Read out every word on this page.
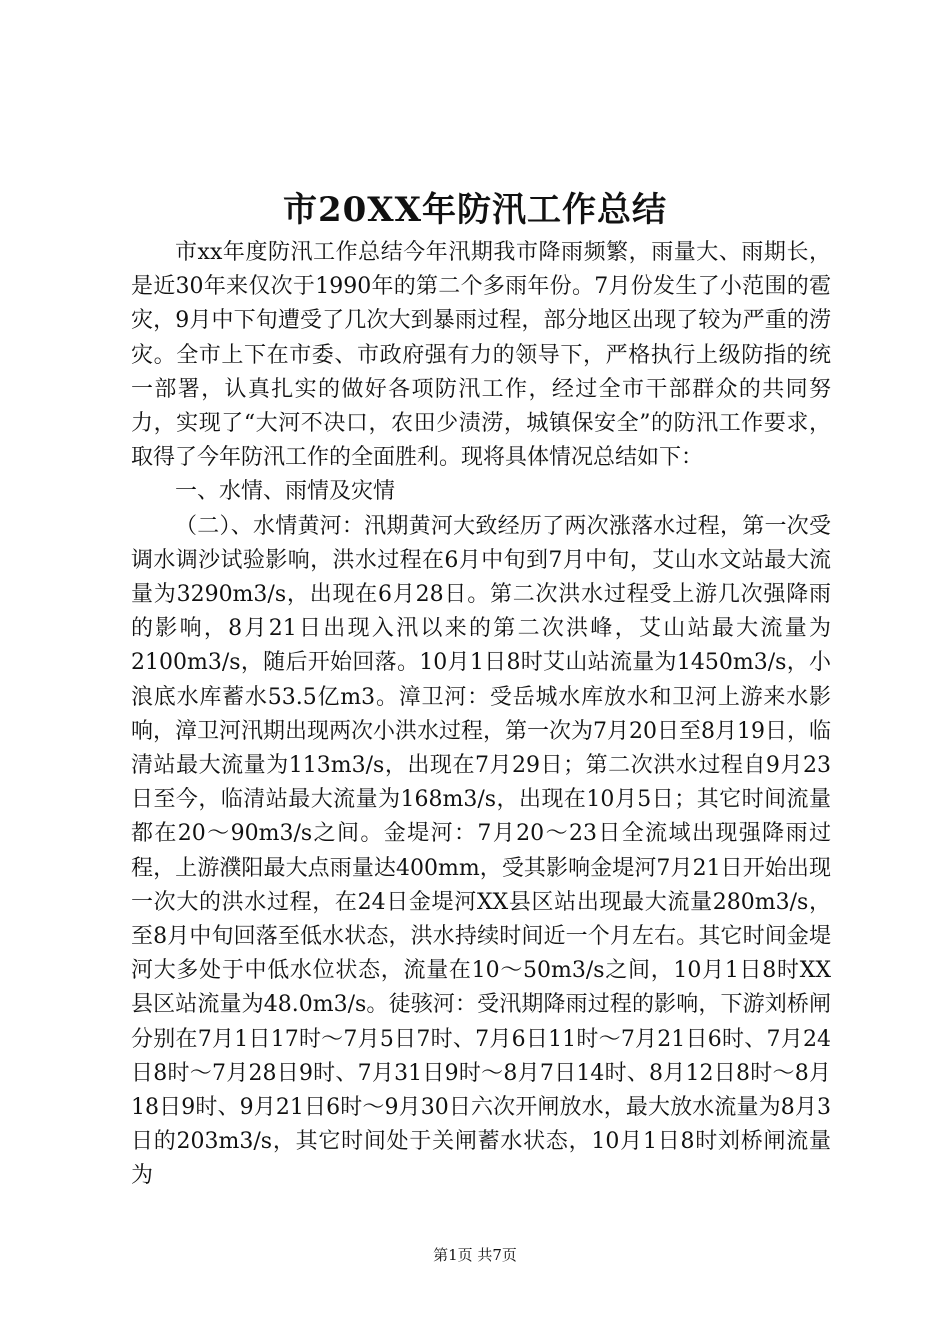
市20XX年防汛工作总结

市xx年度防汛工作总结今年汛期我市降雨频繁，雨量大、雨期长，是近30年来仅次于1990年的第二个多雨年份。7月份发生了小范围的雹灾，9月中下旬遭受了几次大到暴雨过程，部分地区出现了较为严重的涝灾。全市上下在市委、市政府强有力的领导下，严格执行上级防指的统一部署，认真扎实的做好各项防汛工作，经过全市干部群众的共同努力，实现了“大河不决口，农田少渍涝，城镇保安全”的防汛工作要求，取得了今年防汛工作的全面胜利。现将具体情况总结如下：

一、水情、雨情及灾情

（二）、水情黄河：汛期黄河大致经历了两次涨落水过程，第一次受调水调沙试验影响，洪水过程在6月中旬到7月中旬，艾山水文站最大流量为3290m3/s，出现在6月28日。第二次洪水过程受上游几次强降雨的影响，8月21日出现入汛以来的第二次洪峰，艾山站最大流量为2100m3/s，随后开始回落。10月1日8时艾山站流量为1450m3/s，小浪底水库蓄水53.5亿m3。漳卫河：受岳城水库放水和卫河上游来水影响，漳卫河汛期出现两次小洪水过程，第一次为7月20日至8月19日，临清站最大流量为113m3/s，出现在7月29日；第二次洪水过程自9月23日至今，临清站最大流量为168m3/s，出现在10月5日；其它时间流量都在20～90m3/s之间。金堤河：7月20～23日全流域出现强降雨过程，上游濮阳最大点雨量达400mm，受其影响金堤河7月21日开始出现一次大的洪水过程，在24日金堤河XX县区站出现最大流量280m3/s，至8月中旬回落至低水状态，洪水持续时间近一个月左右。其它时间金堤河大多处于中低水位状态，流量在10～50m3/s之间，10月1日8时XX县区站流量为48.0m3/s。徒骇河：受汛期降雨过程的影响，下游刘桥闸分别在7月1日17时～7月5日7时、7月6日11时～7月21日6时、7月24日8时～7月28日9时、7月31日9时～8月7日14时、8月12日8时～8月18日9时、9月21日6时～9月30日六次开闸放水，最大放水流量为8月3日的203m3/s，其它时间处于关闸蓄水状态，10月1日8时刘桥闸流量为

第1页 共7页
